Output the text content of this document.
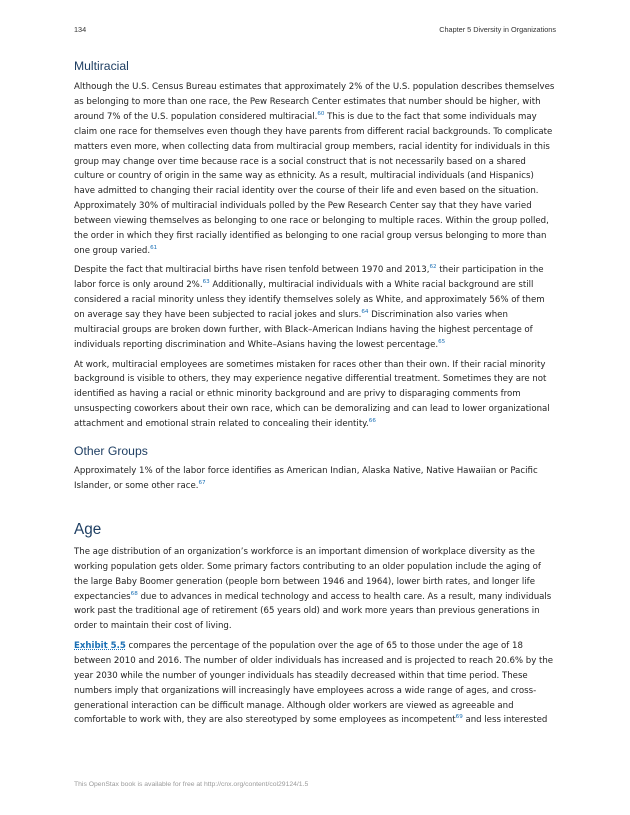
134	Chapter 5 Diversity in Organizations
Multiracial

Although the U.S. Census Bureau estimates that approximately 2% of the U.S. population describes themselves as belonging to more than one race, the Pew Research Center estimates that number should be higher, with around 7% of the U.S. population considered multiracial.$^{60}$ This is due to the fact that some individuals may claim one race for themselves even though they have parents from different racial backgrounds. To complicate matters even more, when collecting data from multiracial group members, racial identity for individuals in this group may change over time because race is a social construct that is not necessarily based on a shared culture or country of origin in the same way as ethnicity. As a result, multiracial individuals (and Hispanics) have admitted to changing their racial identity over the course of their life and even based on the situation. Approximately 30% of multiracial individuals polled by the Pew Research Center say that they have varied between viewing themselves as belonging to one race or belonging to multiple races. Within the group polled, the order in which they first racially identified as belonging to one racial group versus belonging to more than one group varied.$^{61}$

Despite the fact that multiracial births have risen tenfold between 1970 and 2013,62 their participation in the labor force is only around 2%.$^{63}$ Additionally, multiracial individuals with a White racial background are still considered a racial minority unless they identify themselves solely as White, and approximately 56% of them on average say they have been subjected to racial jokes and slurs.$^{64}$ Discrimination also varies when multiracial groups are broken down further, with Black–American Indians having the highest percentage of individuals reporting discrimination and White–Asians having the lowest percentage.$^{65}$

At work, multiracial employees are sometimes mistaken for races other than their own. If their racial minority background is visible to others, they may experience negative differential treatment. Sometimes they are not identified as having a racial or ethnic minority background and are privy to disparaging comments from unsuspecting coworkers about their own race, which can be demoralizing and can lead to lower organizational attachment and emotional strain related to concealing their identity.$^{66}$

Other Groups

Approximately 1% of the labor force identifies as American Indian, Alaska Native, Native Hawaiian or Pacific Islander, or some other race.$^{67}$

Age

The age distribution of an organization’s workforce is an important dimension of workplace diversity as the working population gets older. Some primary factors contributing to an older population include the aging of the large Baby Boomer generation (people born between 1946 and 1964), lower birth rates, and longer life expectancies$^{68}$ due to advances in medical technology and access to health care. As a result, many individuals work past the traditional age of retirement (65 years old) and work more years than previous generations in order to maintain their cost of living.

Exhibit 5.5 compares the percentage of the population over the age of 65 to those under the age of 18 between 2010 and 2016. The number of older individuals has increased and is projected to reach 20.6% by the year 2030 while the number of younger individuals has steadily decreased within that time period. These numbers imply that organizations will increasingly have employees across a wide range of ages, and cross-generational interaction can be difficult manage. Although older workers are viewed as agreeable and comfortable to work with, they are also stereotyped by some employees as incompetent$^{69}$ and less interested

This OpenStax book is available for free at http://cnx.org/content/col29124/1.5
